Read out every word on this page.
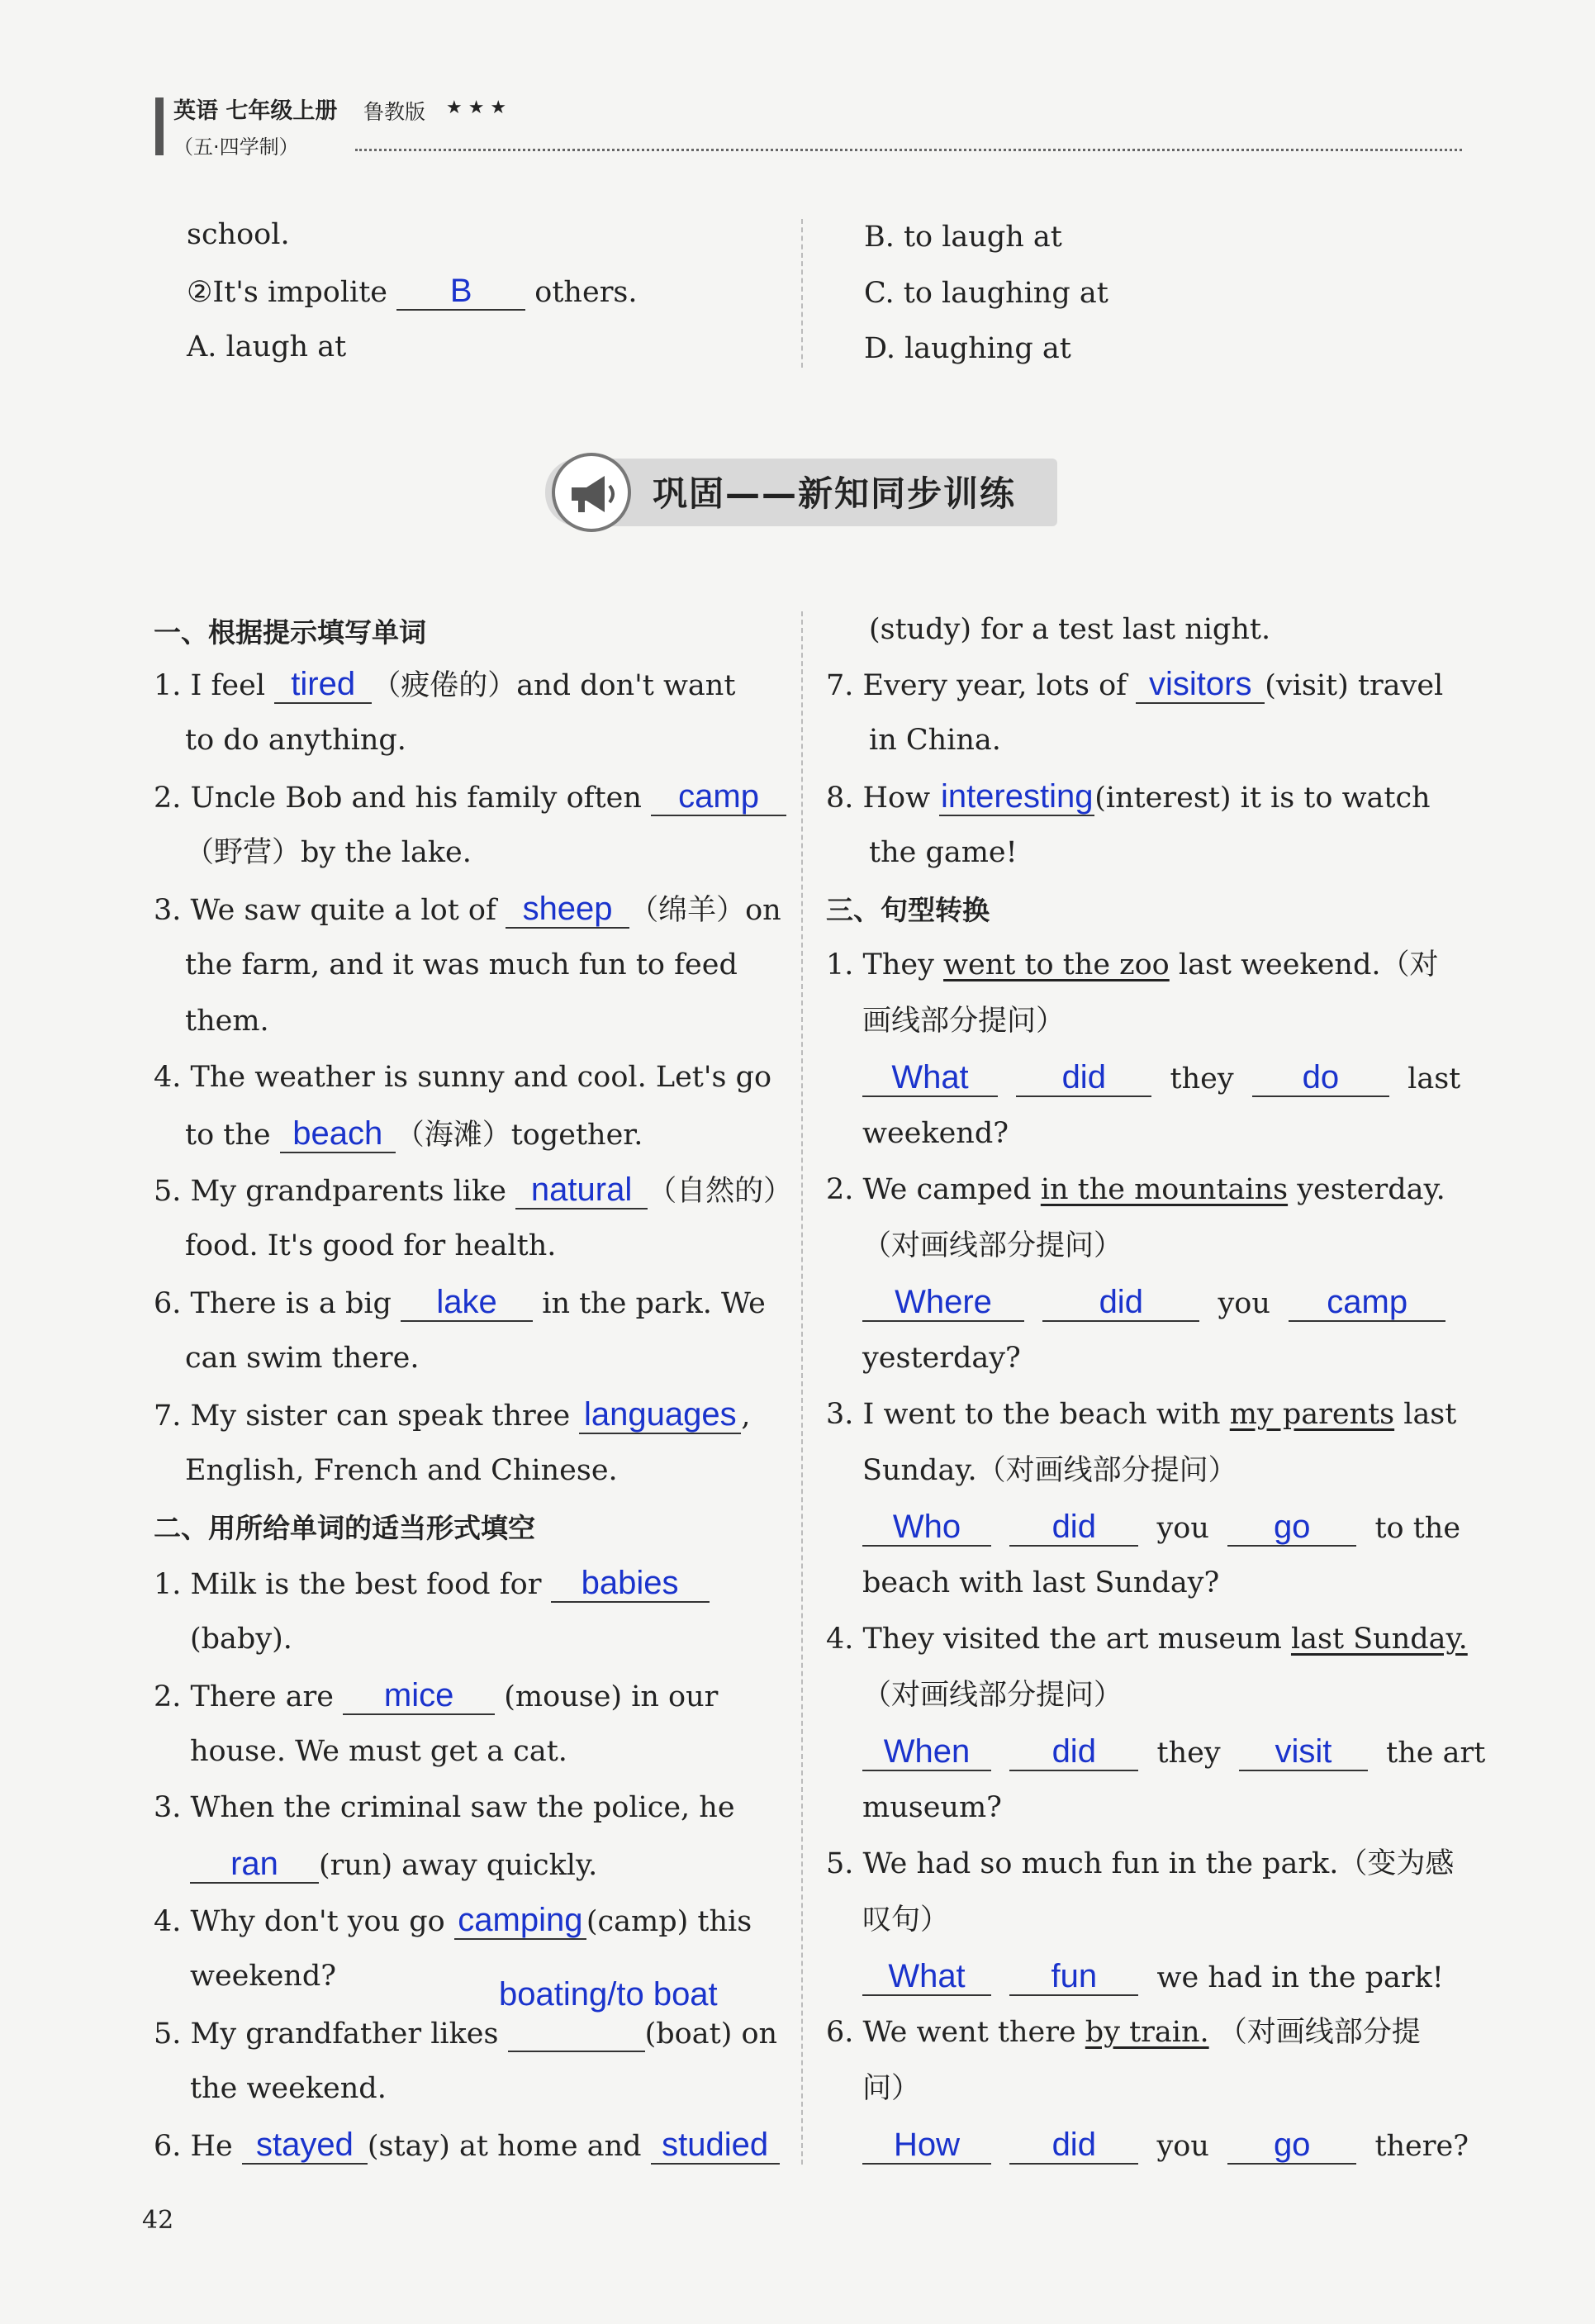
英语 七年级上册 鲁教版 ★ ★ ★
（五·四学制）
school.
②It's impolite B others.
A. laugh at
B. to laugh at
C. to laughing at
D. laughing at
巩固——新知同步训练
一、根据提示填写单词
1. I feel tired （疲倦的）and don't want
to do anything.
2. Uncle Bob and his family often camp
（野营）by the lake.
3. We saw quite a lot of sheep （绵羊）on
the farm, and it was much fun to feed
them.
4. The weather is sunny and cool. Let's go
to the beach （海滩）together.
5. My grandparents like natural （自然的）
food. It's good for health.
6. There is a big lake in the park. We
can swim there.
7. My sister can speak three languages ,
English, French and Chinese.
二、用所给单词的适当形式填空
1. Milk is the best food for babies
(baby).
2. There are mice (mouse) in our
house. We must get a cat.
3. When the criminal saw the police, he
ran (run) away quickly.
4. Why don't you go camping (camp) this
weekend?
5. My grandfather likes	(boat) on
boating/to boat
the weekend.
6. He stayed (stay) at home and studied
(study) for a test last night.
7. Every year, lots of visitors (visit) travel
in China.
8. How interesting(interest) it is to watch
the game!
三、句型转换
1. They went to the zoo last weekend.（对
画线部分提问）
What	did they do last
weekend?
2. We camped in the mountains yesterday.
（对画线部分提问）
Where	did	you camp
yesterday?
3. I went to the beach with my parents last
Sunday.（对画线部分提问）
Who	did you go to the
beach with last Sunday?
4. They visited the art museum last Sunday.
（对画线部分提问）
When did they visit the art
museum?
5. We had so much fun in the park.（变为感
叹句）
What	fun we had in the park!
6. We went there by train. （对画线部分提
问）
How	did you go there?
42
